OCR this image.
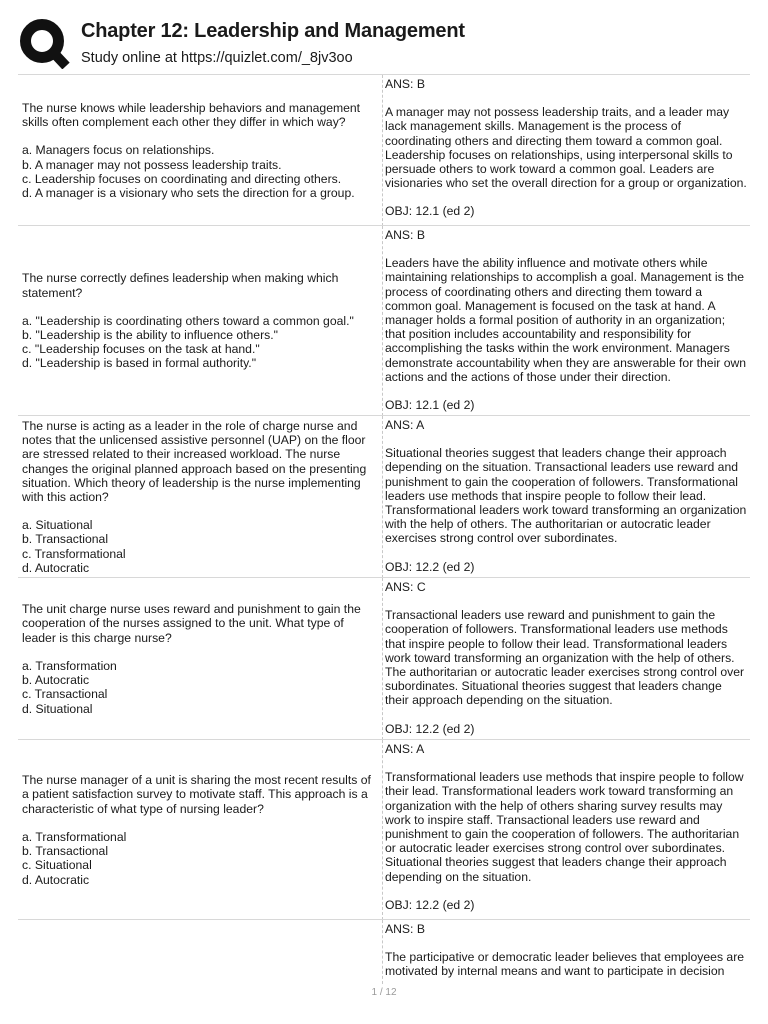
Chapter 12: Leadership and Management
Study online at https://quizlet.com/_8jv3oo
The nurse knows while leadership behaviors and management skills often complement each other they differ in which way?
a. Managers focus on relationships.
b. A manager may not possess leadership traits.
c. Leadership focuses on coordinating and directing others.
d. A manager is a visionary who sets the direction for a group.
ANS: B
A manager may not possess leadership traits, and a leader may lack management skills. Management is the process of coordinating others and directing them toward a common goal. Leadership focuses on relationships, using interpersonal skills to persuade others to work toward a common goal. Leaders are visionaries who set the overall direction for a group or organization.
OBJ: 12.1 (ed 2)
The nurse correctly defines leadership when making which statement?
a. "Leadership is coordinating others toward a common goal."
b. "Leadership is the ability to influence others."
c. "Leadership focuses on the task at hand."
d. "Leadership is based in formal authority."
ANS: B
Leaders have the ability influence and motivate others while maintaining relationships to accomplish a goal. Management is the process of coordinating others and directing them toward a common goal. Management is focused on the task at hand. A manager holds a formal position of authority in an organization; that position includes accountability and responsibility for accomplishing the tasks within the work environment. Managers demonstrate accountability when they are answerable for their own actions and the actions of those under their direction.
OBJ: 12.1 (ed 2)
The nurse is acting as a leader in the role of charge nurse and notes that the unlicensed assistive personnel (UAP) on the floor are stressed related to their increased workload. The nurse changes the original planned approach based on the presenting situation. Which theory of leadership is the nurse implementing with this action?
a. Situational
b. Transactional
c. Transformational
d. Autocratic
ANS: A
Situational theories suggest that leaders change their approach depending on the situation. Transactional leaders use reward and punishment to gain the cooperation of followers. Transformational leaders use methods that inspire people to follow their lead. Transformational leaders work toward transforming an organization with the help of others. The authoritarian or autocratic leader exercises strong control over subordinates.
OBJ: 12.2 (ed 2)
The unit charge nurse uses reward and punishment to gain the cooperation of the nurses assigned to the unit. What type of leader is this charge nurse?
a. Transformation
b. Autocratic
c. Transactional
d. Situational
ANS: C
Transactional leaders use reward and punishment to gain the cooperation of followers. Transformational leaders use methods that inspire people to follow their lead. Transformational leaders work toward transforming an organization with the help of others. The authoritarian or autocratic leader exercises strong control over subordinates. Situational theories suggest that leaders change their approach depending on the situation.
OBJ: 12.2 (ed 2)
The nurse manager of a unit is sharing the most recent results of a patient satisfaction survey to motivate staff. This approach is a characteristic of what type of nursing leader?
a. Transformational
b. Transactional
c. Situational
d. Autocratic
ANS: A
Transformational leaders use methods that inspire people to follow their lead. Transformational leaders work toward transforming an organization with the help of others sharing survey results may work to inspire staff. Transactional leaders use reward and punishment to gain the cooperation of followers. The authoritarian or autocratic leader exercises strong control over subordinates. Situational theories suggest that leaders change their approach depending on the situation.
OBJ: 12.2 (ed 2)
ANS: B
The participative or democratic leader believes that employees are motivated by internal means and want to participate in decision
1 / 12
